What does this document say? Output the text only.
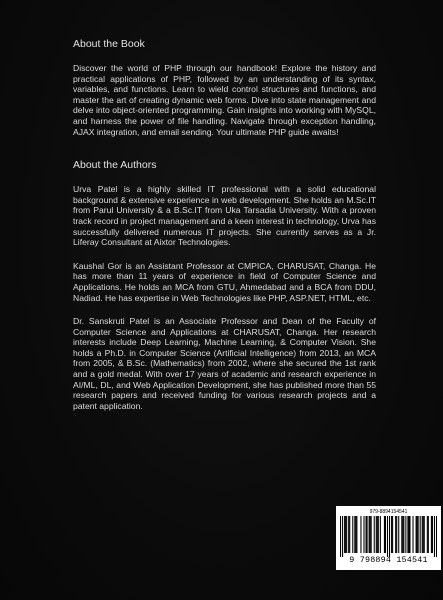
About the Book

Discover the world of PHP through our handbook! Explore the history and practical applications of PHP, followed by an understanding of its syntax, variables, and functions. Learn to wield control structures and functions, and master the art of creating dynamic web forms. Dive into state management and delve into object-oriented programming. Gain insights into working with MySQL, and harness the power of file handling. Navigate through exception handling, AJAX integration, and email sending. Your ultimate PHP guide awaits!

About the Authors

Urva Patel is a highly skilled IT professional with a solid educational background & extensive experience in web development. She holds an M.Sc.IT from Parul University & a B.Sc.IT from Uka Tarsadia University. With a proven track record in project management and a keen interest in technology, Urva has successfully delivered numerous IT projects. She currently serves as a Jr. Liferay Consultant at Aixtor Technologies.

Kaushal Gor is an Assistant Professor at CMPICA, CHARUSAT, Changa. He has more than 11 years of experience in field of Computer Science and Applications. He holds an MCA from GTU, Ahmedabad and a BCA from DDU, Nadiad. He has expertise in Web Technologies like PHP, ASP.NET, HTML, etc.

Dr. Sanskruti Patel is an Associate Professor and Dean of the Faculty of Computer Science and Applications at CHARUSAT, Changa. Her research interests include Deep Learning, Machine Learning, & Computer Vision. She holds a Ph.D. in Computer Science (Artificial Intelligence) from 2013, an MCA from 2005, & B.Sc. (Mathematics) from 2002, where she secured the 1st rank and a gold medal. With over 17 years of academic and research experience in AI/ML, DL, and Web Application Development, she has published more than 55 research papers and received funding for various research projects and a patent application.

979-8894154541
9 798894 154541
